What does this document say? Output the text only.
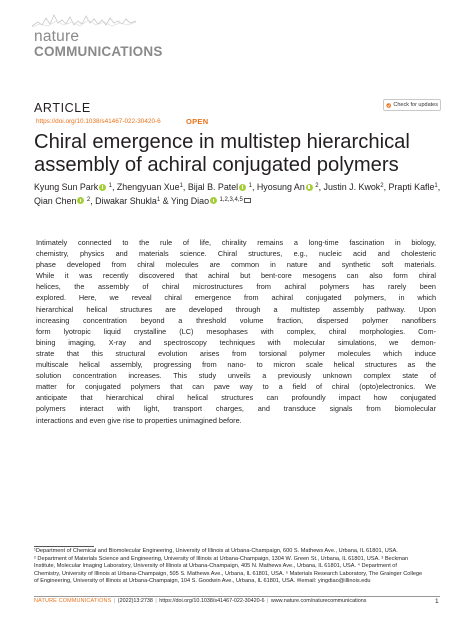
nature
COMMUNICATIONS
ARTICLE	Check for updates
https://doi.org/10.1038/s41467-022-30420-6	OPEN
Chiral emergence in multistep hierarchical
assembly of achiral conjugated polymers
Kyung Sun Park $^1$, Zhengyuan Xue$^1$, Bijal B. Patel $^1$, Hyosung An $^2$, Justin J. Kwok$^2$, Prapti Kafle$^1$,
Qian Chen $^2$, Diwakar Shukla$^1$ & Ying Diao $^{1,2,3,4,5}$
Intimately connected to the rule of life, chirality remains a long-time fascination in biology,
chemistry, physics and materials science. Chiral structures, e.g., nucleic acid and cholesteric
phase developed from chiral molecules are common in nature and synthetic soft materials.
While it was recently discovered that achiral but bent-core mesogens can also form chiral
helices, the assembly of chiral microstructures from achiral polymers has rarely been
explored. Here, we reveal chiral emergence from achiral conjugated polymers, in which
hierarchical helical structures are developed through a multistep assembly pathway. Upon
increasing concentration beyond a threshold volume fraction, dispersed polymer nanofibers
form lyotropic liquid crystalline (LC) mesophases with complex, chiral morphologies. Com-
bining imaging, X-ray and spectroscopy techniques with molecular simulations, we demon-
strate that this structural evolution arises from torsional polymer molecules which induce
multiscale helical assembly, progressing from nano- to micron scale helical structures as the
solution concentration increases. This study unveils a previously unknown complex state of
matter for conjugated polymers that can pave way to a field of chiral (opto)electronics. We
anticipate that hierarchical chiral helical structures can profoundly impact how conjugated
polymers interact with light, transport charges, and transduce signals from biomolecular
interactions and even give rise to properties unimagined before.
¹Department of Chemical and Biomolecular Engineering, University of Illinois at Urbana-Champaign, 600 S. Mathews Ave., Urbana, IL 61801, USA.
² Department of Materials Science and Engineering, University of Illinois at Urbana-Champaign, 1304 W. Green St., Urbana, IL 61801, USA. ³ Beckman
Institute, Molecular Imaging Laboratory, University of Illinois at Urbana-Champaign, 405 N. Mathews Ave., Urbana, IL 61801, USA. ⁴ Department of
Chemistry, University of Illinois at Urbana-Champaign, 505 S. Mathews Ave., Urbana, IL 61801, USA. ⁵ Materials Research Laboratory, The Grainger College
of Engineering, University of Illinois at Urbana-Champaign, 104 S. Goodwin Ave., Urbana, IL 61801, USA. ✉email: yingdiao@illinois.edu
NATURE COMMUNICATIONS | (2022)13:2738 | https://doi.org/10.1038/s41467-022-30420-6 | www.nature.com/naturecommunications	1
